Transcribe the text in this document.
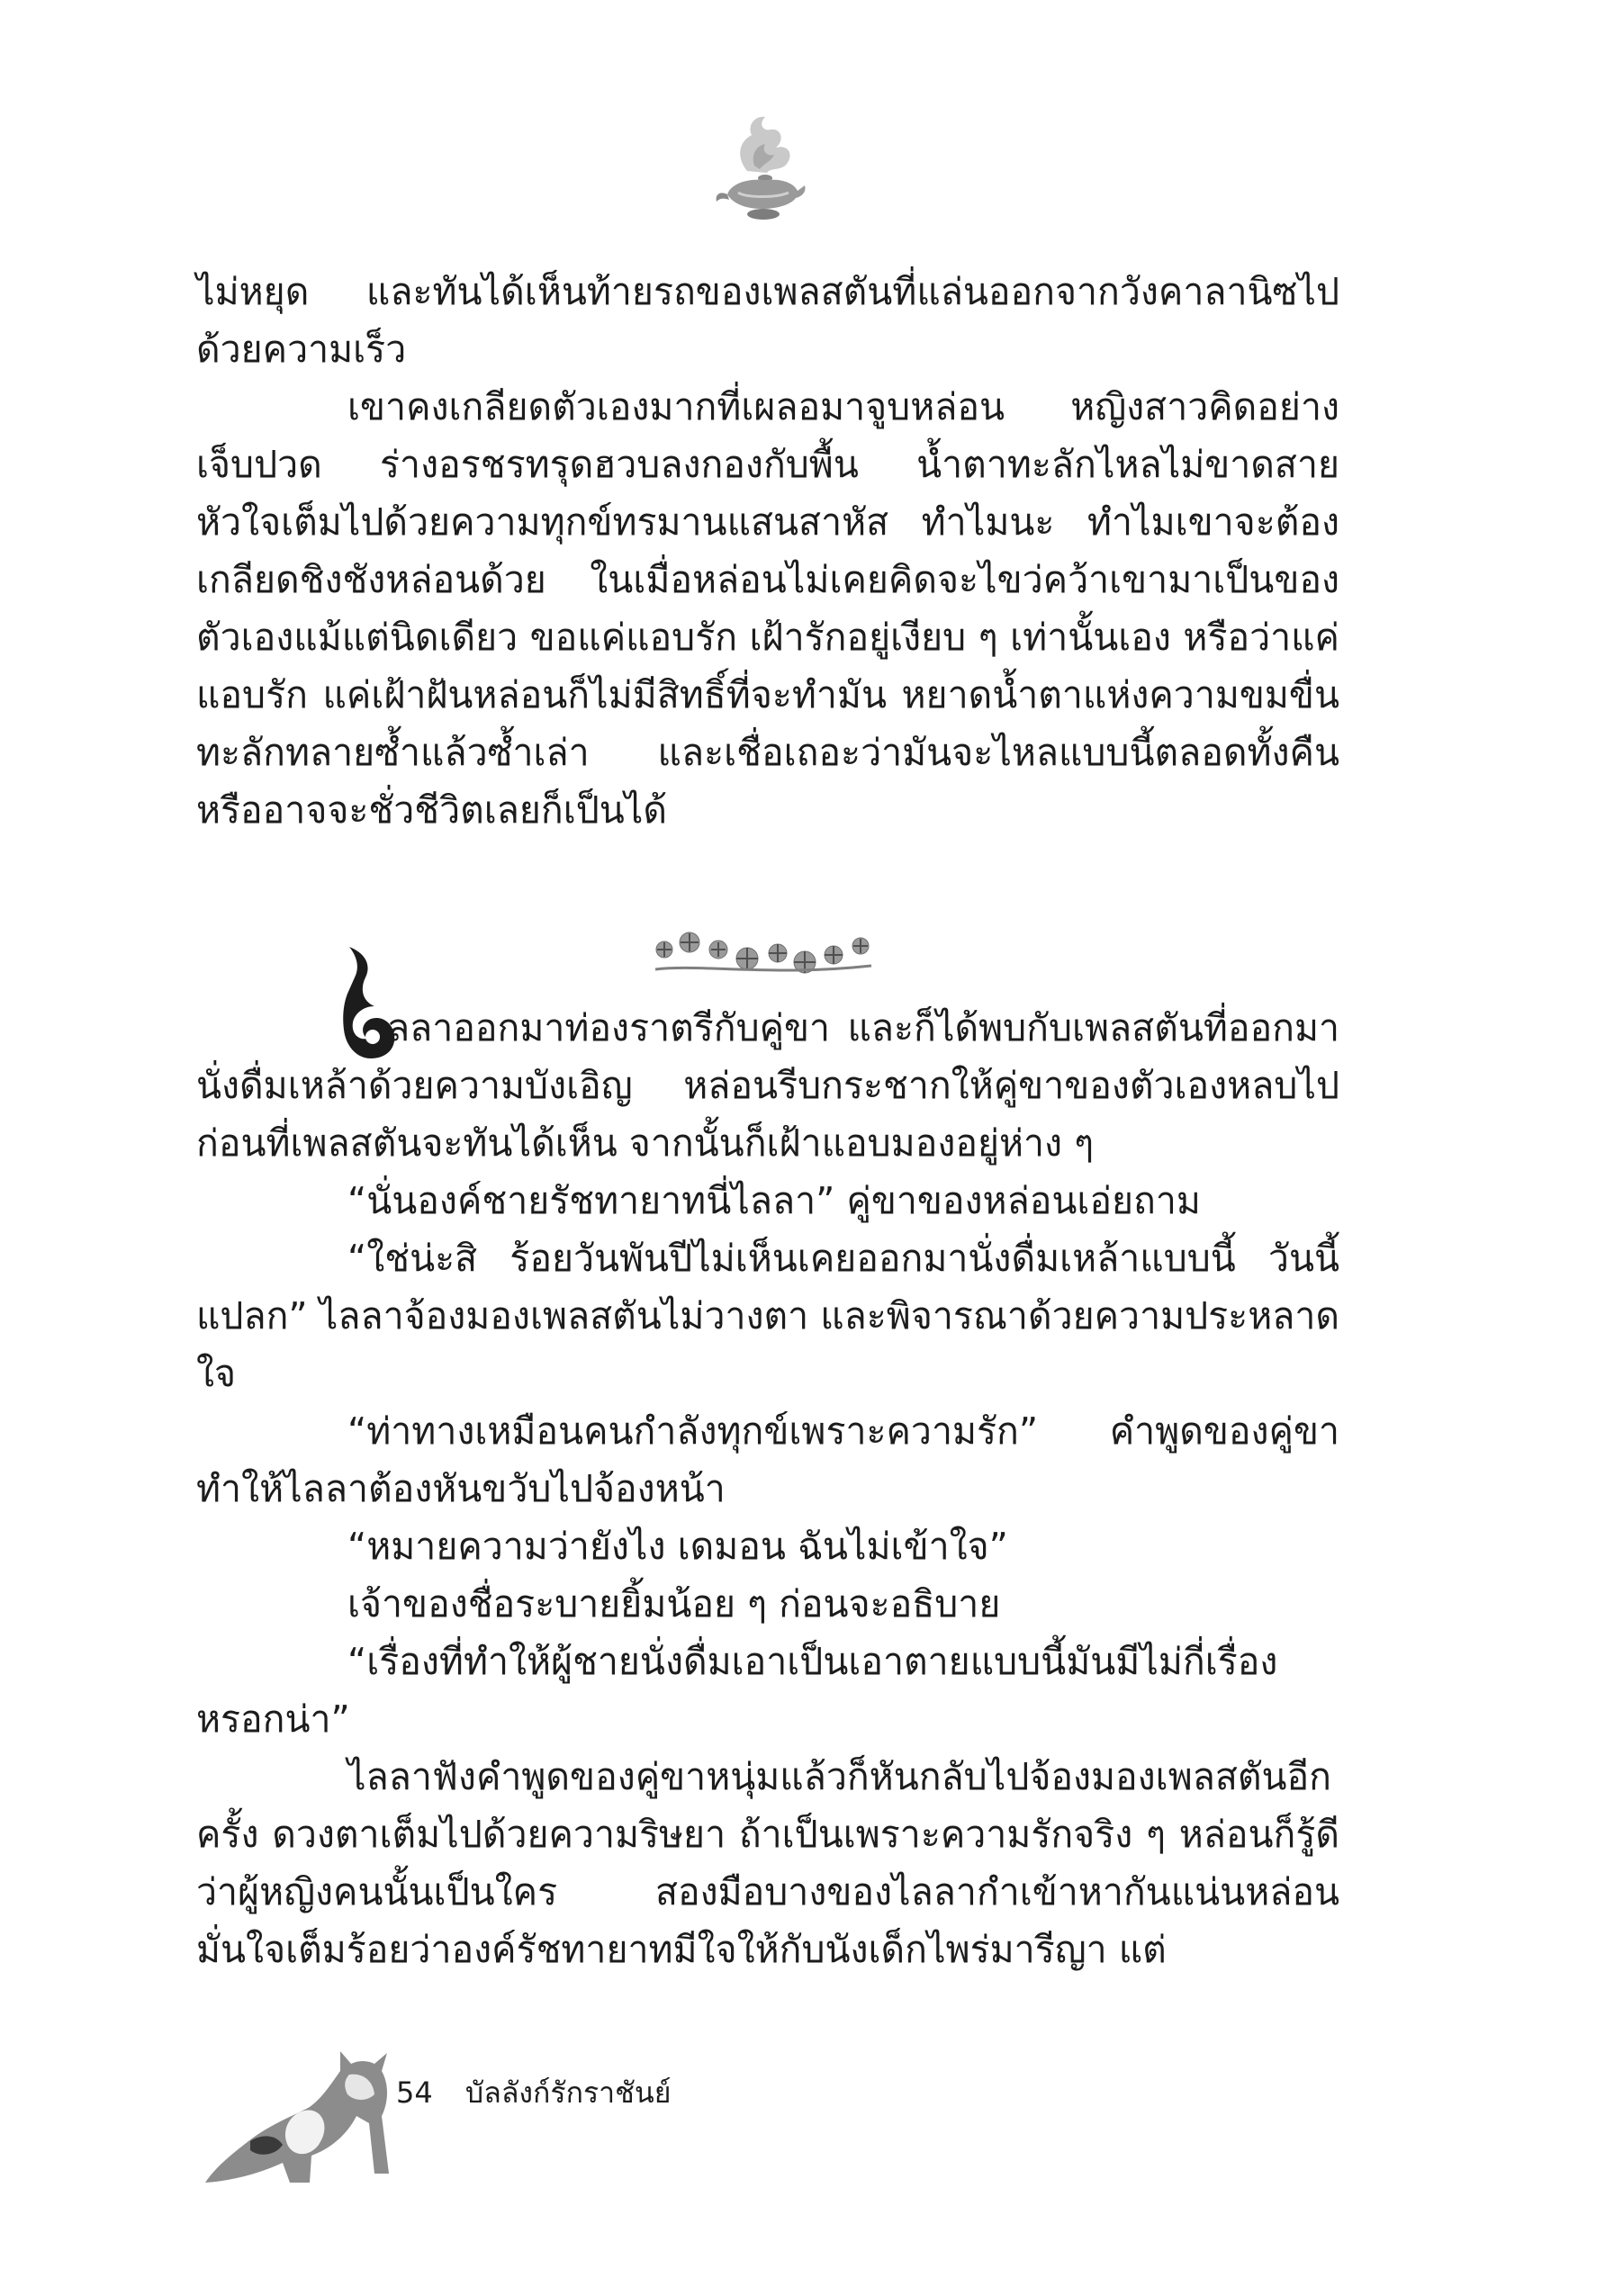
ไม่หยุด และทันได้เห็นท้ายรถของเพลสตันที่แล่นออกจากวังคาลานิซไปด้วยความเร็ว

เขาคงเกลียดตัวเองมากที่เผลอมาจูบหล่อน หญิงสาวคิดอย่างเจ็บปวด ร่างอรชรทรุดฮวบลงกองกับพื้น น้ำตาทะลักไหลไม่ขาดสาย หัวใจเต็มไปด้วยความทุกข์ทรมานแสนสาหัส ทำไมนะ ทำไมเขาจะต้องเกลียดชิงชังหล่อนด้วย ในเมื่อหล่อนไม่เคยคิดจะไขว่คว้าเขามาเป็นของตัวเองแม้แต่นิดเดียว ขอแค่แอบรัก เฝ้ารักอยู่เงียบ ๆ เท่านั้นเอง หรือว่าแค่แอบรัก แค่เฝ้าฝันหล่อนก็ไม่มีสิทธิ์ที่จะทำมัน หยาดน้ำตาแห่งความขมขื่นทะลักทลายซ้ำแล้วซ้ำเล่า และเชื่อเถอะว่ามันจะไหลแบบนี้ตลอดทั้งคืน หรืออาจจะชั่วชีวิตเลยก็เป็นได้

ลลาออกมาท่องราตรีกับคู่ขา และก็ได้พบกับเพลสตันที่ออกมานั่งดื่มเหล้าด้วยความบังเอิญ หล่อนรีบกระชากให้คู่ขาของตัวเองหลบไปก่อนที่เพลสตันจะทันได้เห็น จากนั้นก็เฝ้าแอบมองอยู่ห่าง ๆ

“นั่นองค์ชายรัชทายาทนี่ไลลา” คู่ขาของหล่อนเอ่ยถาม

“ใช่น่ะสิ ร้อยวันพันปีไม่เห็นเคยออกมานั่งดื่มเหล้าแบบนี้ วันนี้แปลก” ไลลาจ้องมองเพลสตันไม่วางตา และพิจารณาด้วยความประหลาดใจ

“ท่าทางเหมือนคนกำลังทุกข์เพราะความรัก” คำพูดของคู่ขาทำให้ไลลาต้องหันขวับไปจ้องหน้า

“หมายความว่ายังไง เดมอน ฉันไม่เข้าใจ”

เจ้าของชื่อระบายยิ้มน้อย ๆ ก่อนจะอธิบาย

“เรื่องที่ทำให้ผู้ชายนั่งดื่มเอาเป็นเอาตายแบบนี้มันมีไม่กี่เรื่องหรอกน่า”

ไลลาฟังคำพูดของคู่ขาหนุ่มแล้วก็หันกลับไปจ้องมองเพลสตันอีกครั้ง ดวงตาเต็มไปด้วยความริษยา ถ้าเป็นเพราะความรักจริง ๆ หล่อนก็รู้ดีว่าผู้หญิงคนนั้นเป็นใคร สองมือบางของไลลากำเข้าหากันแน่นหล่อนมั่นใจเต็มร้อยว่าองค์รัชทายาทมีใจให้กับนังเด็กไพร่มารีญา แต่

54 บัลลังก์รักราชันย์
